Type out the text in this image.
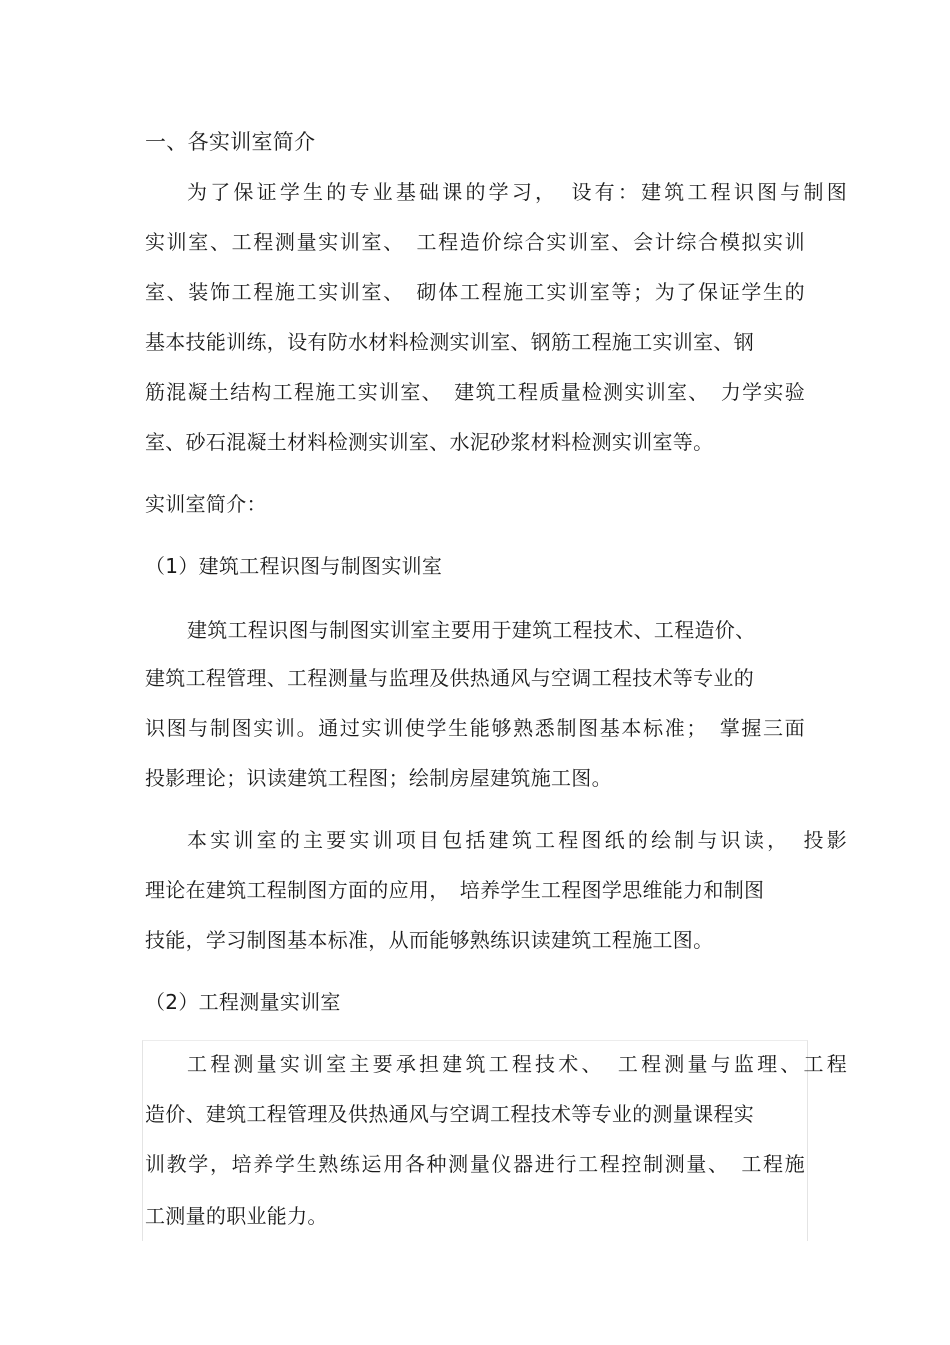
一、各实训室简介
为了保证学生的专业基础课的学习，　设有：建筑工程识图与制图
实训室、工程测量实训室、　工程造价综合实训室、会计综合模拟实训
室、装饰工程施工实训室、　砌体工程施工实训室等；为了保证学生的
基本技能训练，设有防水材料检测实训室、钢筋工程施工实训室、钢
筋混凝土结构工程施工实训室、　建筑工程质量检测实训室、　力学实验
室、砂石混凝土材料检测实训室、水泥砂浆材料检测实训室等。
实训室简介：
（1）建筑工程识图与制图实训室
建筑工程识图与制图实训室主要用于建筑工程技术、工程造价、
建筑工程管理、工程测量与监理及供热通风与空调工程技术等专业的
识图与制图实训。通过实训使学生能够熟悉制图基本标准；　掌握三面
投影理论；识读建筑工程图；绘制房屋建筑施工图。
本实训室的主要实训项目包括建筑工程图纸的绘制与识读，　投影
理论在建筑工程制图方面的应用，　培养学生工程图学思维能力和制图
技能，学习制图基本标准，从而能够熟练识读建筑工程施工图。
（2）工程测量实训室
工程测量实训室主要承担建筑工程技术、　工程测量与监理、工程
造价、建筑工程管理及供热通风与空调工程技术等专业的测量课程实
训教学，培养学生熟练运用各种测量仪器进行工程控制测量、　工程施
工测量的职业能力。
